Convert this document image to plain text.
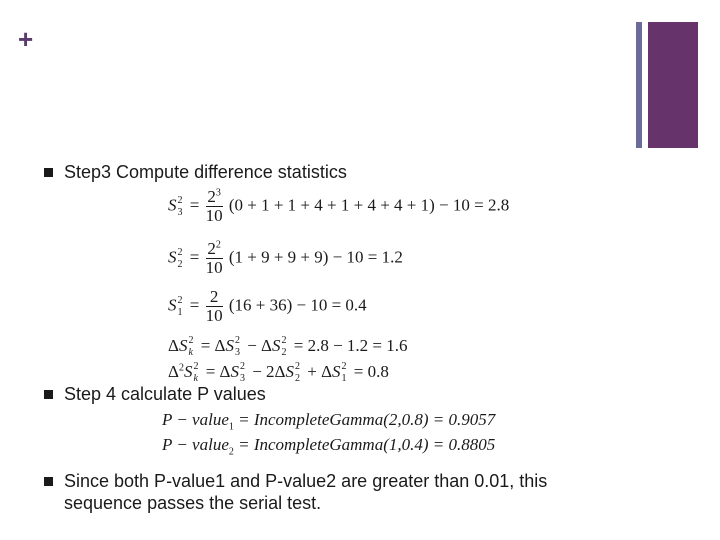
+
Step3 Compute difference statistics
S 2
$3 = \frac{2^3}{10} (0 + 1 + 1 + 4 + 1 + 4 + 4 + 1) - 10 = 2.8$
S 2
$2 = \frac{2^2}{10} (1 + 9 + 9 + 9) - 10 = 1.2$
S 2
$1 = \frac{2}{10} (16 + 36) - 10 = 0.4$
ΔS 2
k = ΔS 2
3 − ΔS 2
2 = 2.8 − 1.2 = 1.6
$\Delta^2S$ 2
k = ΔS 2
3 − 2ΔS 2
2 + ΔS 2
1 = 0.8
Step 4 calculate P values
P − value$_1$ = IncompleteGamma(2,0.8) = 0.9057
P − value$_2$ = IncompleteGamma(1,0.4) = 0.8805
Since both P-value1 and P-value2 are greater than 0.01, this sequence passes the serial test.
